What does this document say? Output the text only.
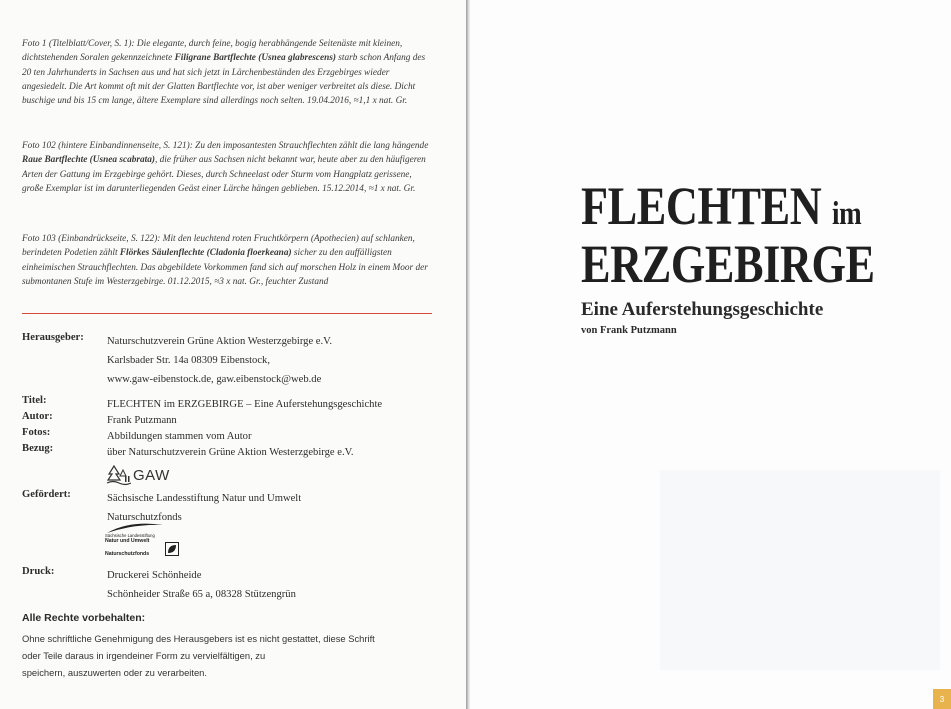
Foto 1 (Titelblatt/Cover, S. 1): Die elegante, durch feine, bogig herabhängende Seitenäste mit kleinen, dichtstehenden Soralen gekennzeichnete Filigrane Bartflechte (Usnea glabrescens) starb schon Anfang des 20 ten Jahrhunderts in Sachsen aus und hat sich jetzt in Lärchenbeständen des Erzgebirges wieder angesiedelt. Die Art kommt oft mit der Glatten Bartflechte vor, ist aber weniger verbreitet als diese. Dicht buschige und bis 15 cm lange, ältere Exemplare sind allerdings noch selten. 19.04.2016, ≈1,1 x nat. Gr.

Foto 102 (hintere Einbandinnenseite, S. 121): Zu den imposantesten Strauchflechten zählt die lang hängende Raue Bartflechte (Usnea scabrata), die früher aus Sachsen nicht bekannt war, heute aber zu den häufigeren Arten der Gattung im Erzgebirge gehört. Dieses, durch Schneelast oder Sturm vom Hangplatz gerissene, große Exemplar ist im darunterliegenden Geäst einer Lärche hängen geblieben. 15.12.2014, ≈1 x nat. Gr.

Foto 103 (Einbandrückseite, S. 122): Mit den leuchtend roten Fruchtkörpern (Apothecien) auf schlanken, berindeten Podetien zählt Flörkes Säulenflechte (Cladonia floerkeana) sicher zu den auffälligsten einheimischen Strauchflechten. Das abgebildete Vorkommen fand sich auf morschen Holz in einem Moor der submontanen Stufe im Westerzgebirge. 01.12.2015, ≈3 x nat. Gr., feuchter Zustand

Herausgeber:	Naturschutzverein Grüne Aktion Westerzgebirge e.V.
Karlsbader Str. 14a 08309 Eibenstock,
www.gaw-eibenstock.de, gaw.eibenstock@web.de
Titel:	FLECHTEN im ERZGEBIRGE – Eine Auferstehungsgeschichte
Autor:	Frank Putzmann
Fotos:	Abbildungen stammen vom Autor
Bezug:	über Naturschutzverein Grüne Aktion Westerzgebirge e.V.
GAW
Gefördert:	Sächsische Landesstiftung Natur und Umwelt
Naturschutzfonds
Sächsische Landesstiftung
Natur und Umwelt
Naturschutzfonds
Druck:	Druckerei Schönheide
Schönheider Straße 65 a, 08328 Stützengrün
Alle Rechte vorbehalten:
Ohne schriftliche Genehmigung des Herausgebers ist es nicht gestattet, diese Schrift
oder Teile daraus in irgendeiner Form zu vervielfältigen, zu
speichern, auszuwerten oder zu verarbeiten.
FLECHTEN im
ERZGEBIRGE
Eine Auferstehungsgeschichte
von Frank Putzmann
3
